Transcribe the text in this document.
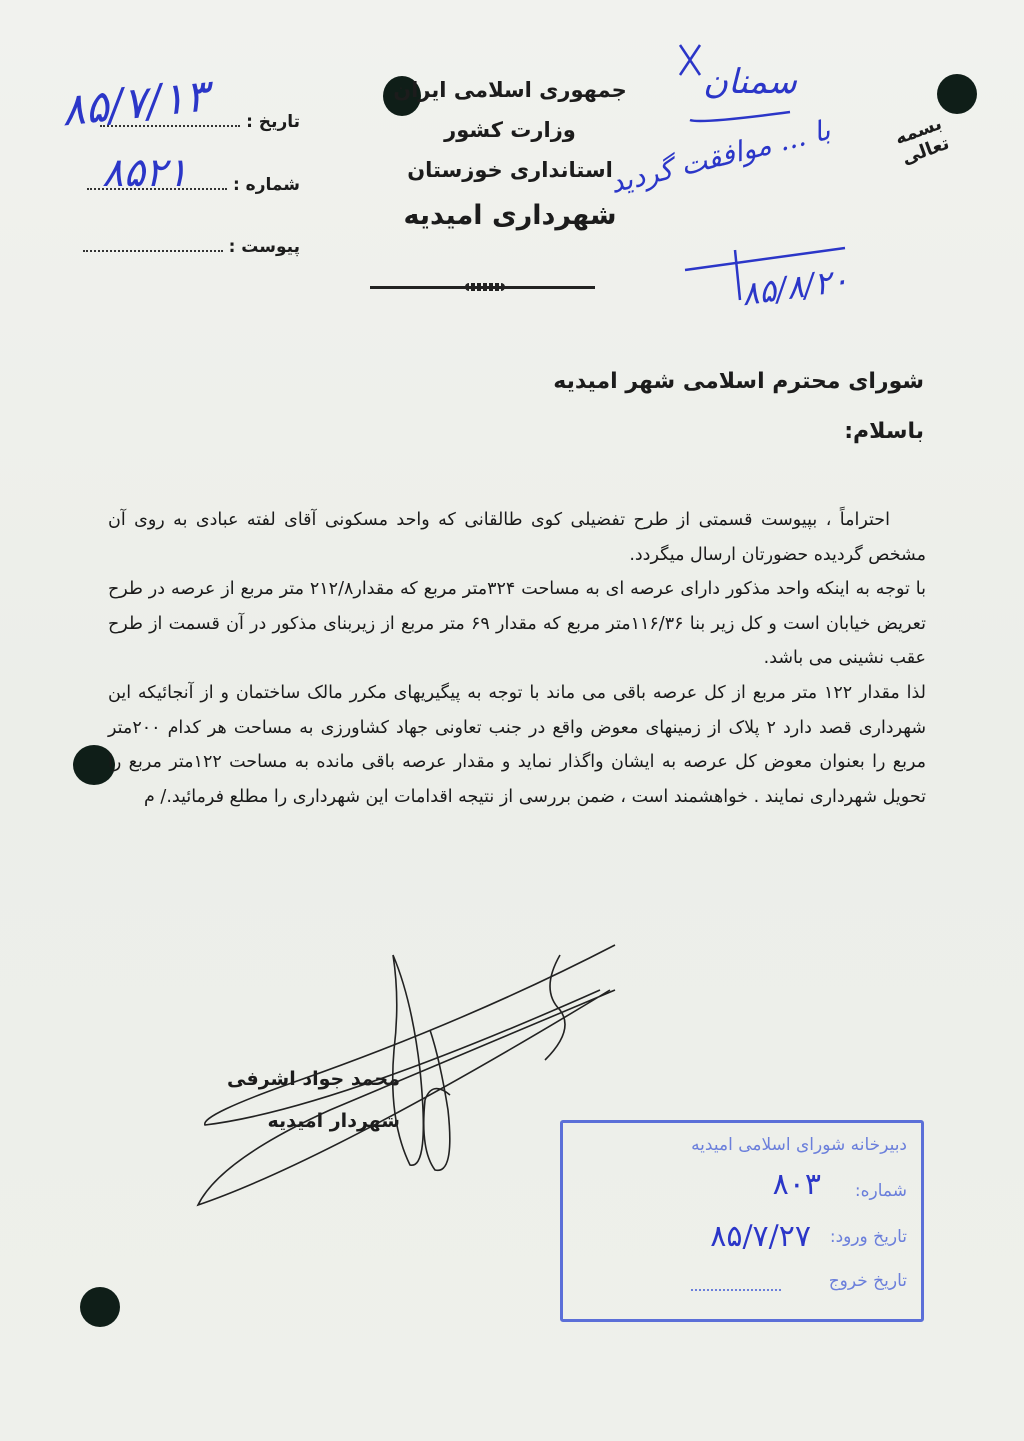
جمهوری اسلامی ایران
وزارت کشور
استانداری خوزستان
شهرداری امیدیه
تاریخ :
شماره :
پیوست :
۸۵/۷/۱۳
۸۵۲۱
بسمه تعالی
سمنان
با ... موافقت گردید
۸۵/۸/۲۰
شورای محترم اسلامی شهر امیدیه
باسلام:

احتراماً ، بپیوست قسمتی از طرح تفضیلی کوی طالقانی که واحد مسکونی آقای لفته عبادی به روی آن مشخص گردیده حضورتان ارسال میگردد.

با توجه به اینکه واحد مذکور دارای عرصه ای به مساحت ۳۲۴متر مربع که مقدار۲۱۲/۸ متر مربع از عرصه در طرح تعریض خیابان است و کل زیر بنا ۱۱۶/۳۶متر مربع که مقدار ۶۹ متر مربع از زیربنای مذکور در آن قسمت از طرح عقب نشینی می باشد.

لذا مقدار ۱۲۲ متر مربع از کل عرصه باقی می ماند با توجه به پیگیریهای مکرر مالک ساختمان و از آنجائیکه این شهرداری قصد دارد ۲ پلاک از زمینهای معوض واقع در جنب تعاونی جهاد کشاورزی به مساحت هر کدام ۲۰۰متر مربع را بعنوان معوض کل عرصه به ایشان واگذار نماید و مقدار عرصه باقی مانده به مساحت ۱۲۲متر مربع را تحویل شهرداری نمایند . خواهشمند است ، ضمن بررسی از نتیجه اقدامات این شهرداری را مطلع فرمائید./ م

محمد جواد اشرفی
شهردار امیدیه
دبیرخانه شورای اسلامی امیدیه
شماره:
۸۰۳
تاریخ ورود:
۸۵/۷/۲۷
تاریخ خروج
